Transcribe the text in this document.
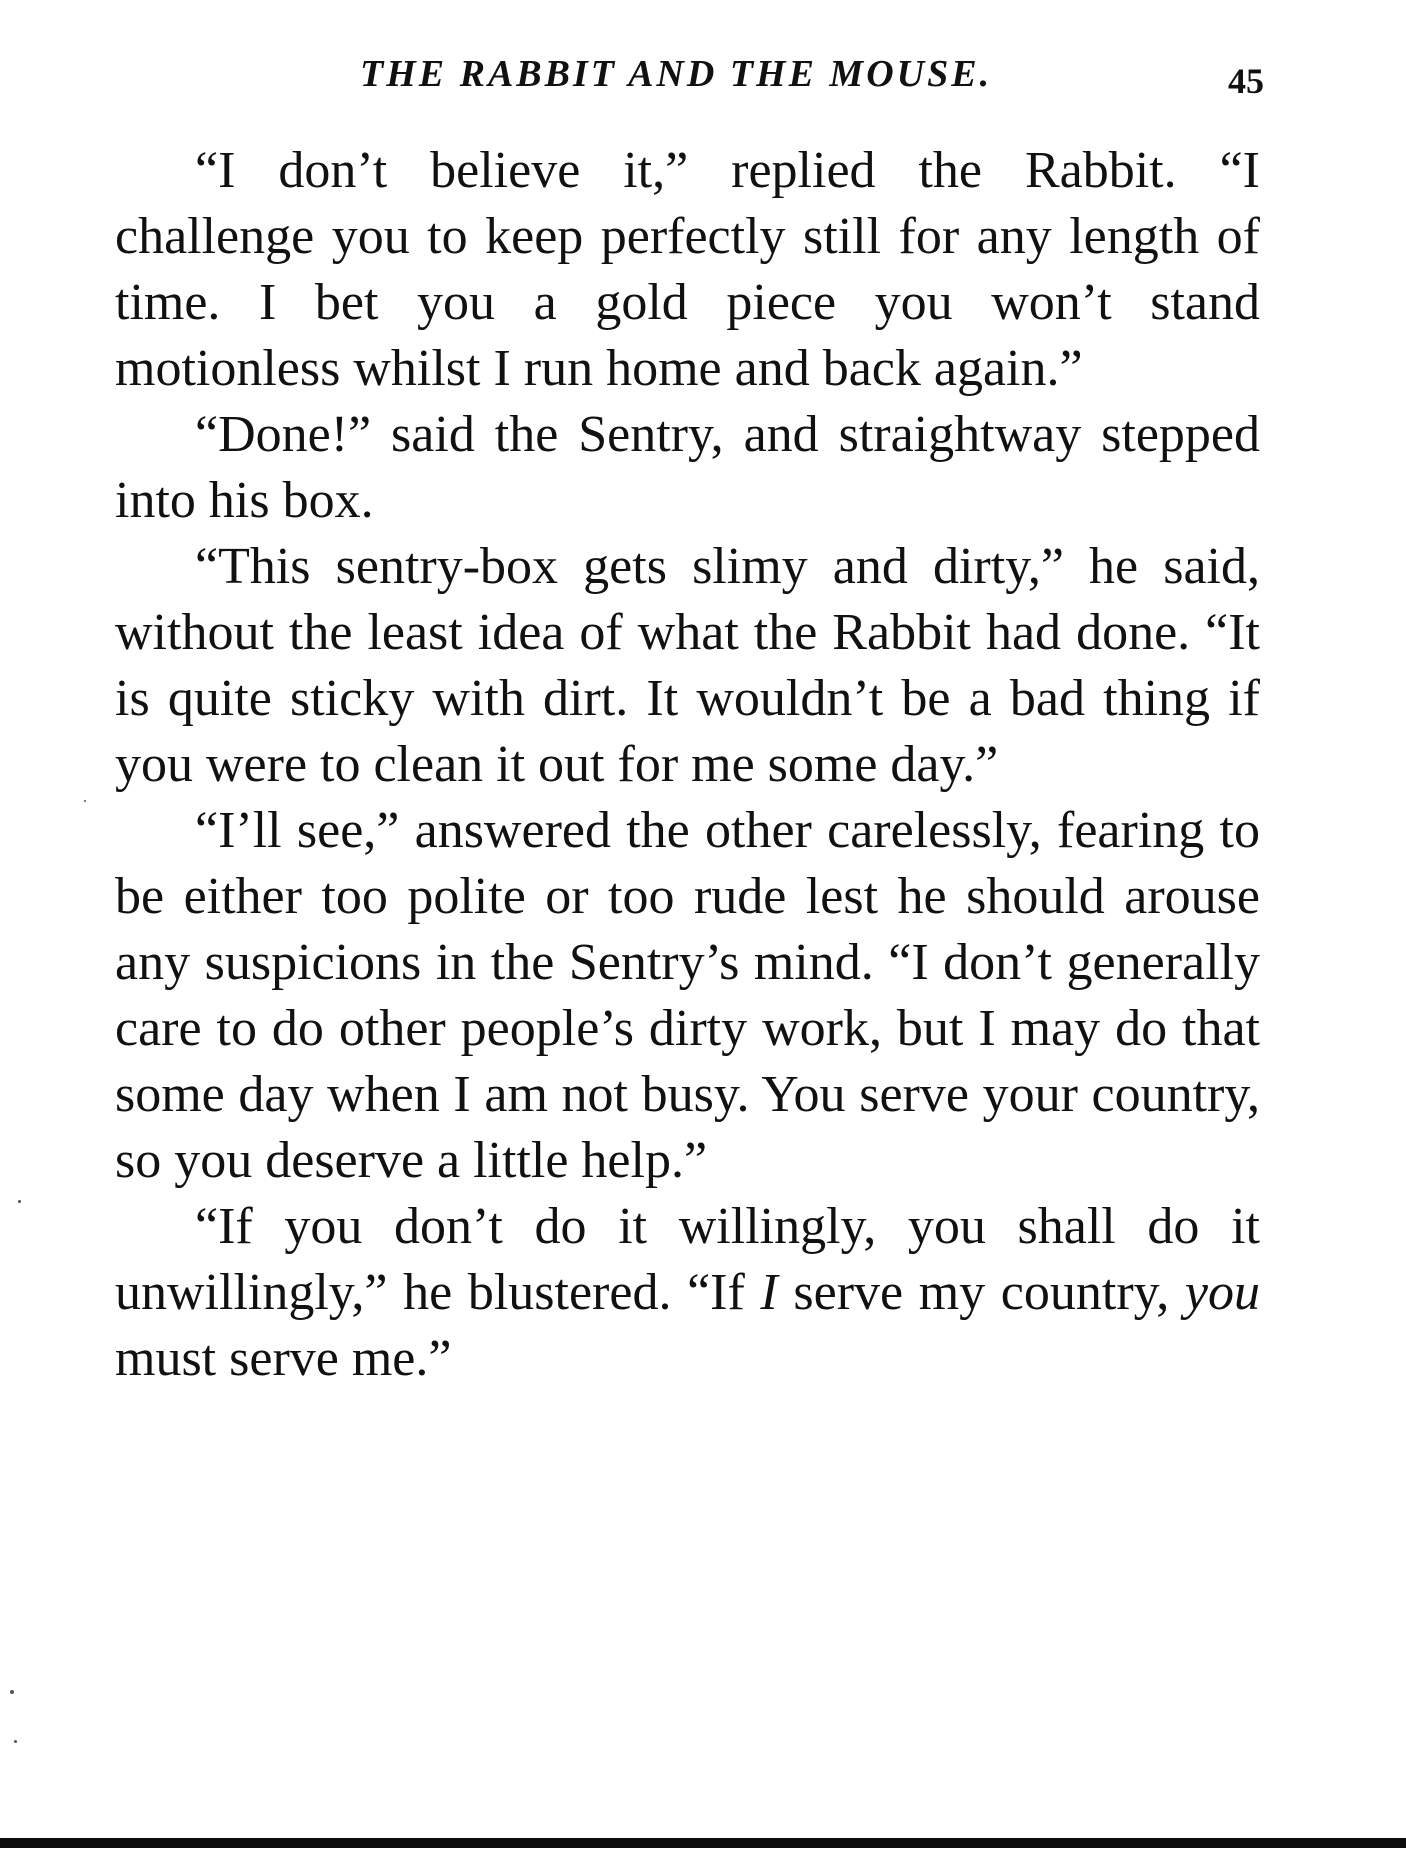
THE RABBIT AND THE MOUSE.	45

“I don’t believe it,” replied the Rabbit. “I challenge you to keep perfectly still for any length of time. I bet you a gold piece you won’t stand motionless whilst I run home and back again.”

“Done!” said the Sentry, and straightway stepped into his box.

“This sentry-box gets slimy and dirty,” he said, without the least idea of what the Rabbit had done. “It is quite sticky with dirt. It wouldn’t be a bad thing if you were to clean it out for me some day.”

“I’ll see,” answered the other carelessly, fearing to be either too polite or too rude lest he should arouse any suspicions in the Sentry’s mind. “I don’t generally care to do other people’s dirty work, but I may do that some day when I am not busy. You serve your country, so you deserve a little help.”

“If you don’t do it willingly, you shall do it unwillingly,” he blustered. “If I serve my country, you must serve me.”
